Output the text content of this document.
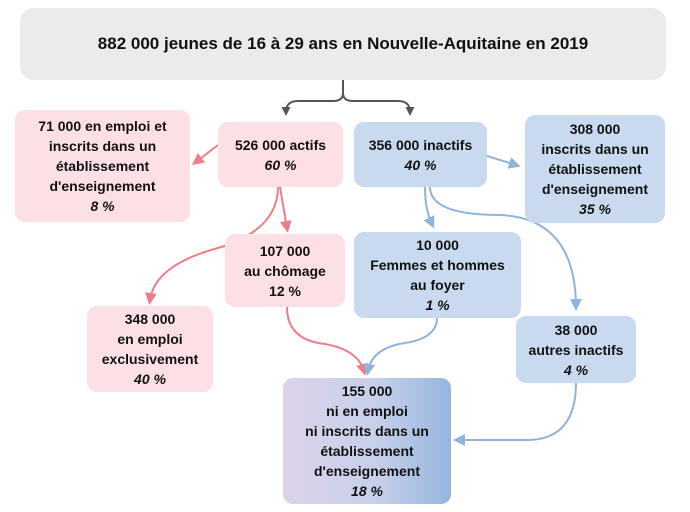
882 000 jeunes de 16 à 29 ans en Nouvelle-Aquitaine en 2019
526 000 actifs
60 %
356 000 inactifs
40 %
71 000 en emploi et
inscrits dans un
établissement
d'enseignement
8 %
308 000
inscrits dans un
établissement
d'enseignement
35 %
107 000
au chômage
12 %
10 000
Femmes et hommes
au foyer
1 %
348 000
en emploi
exclusivement
40 %
38 000
autres inactifs
4 %
155 000
ni en emploi
ni inscrits dans un
établissement
d'enseignement
18 %
